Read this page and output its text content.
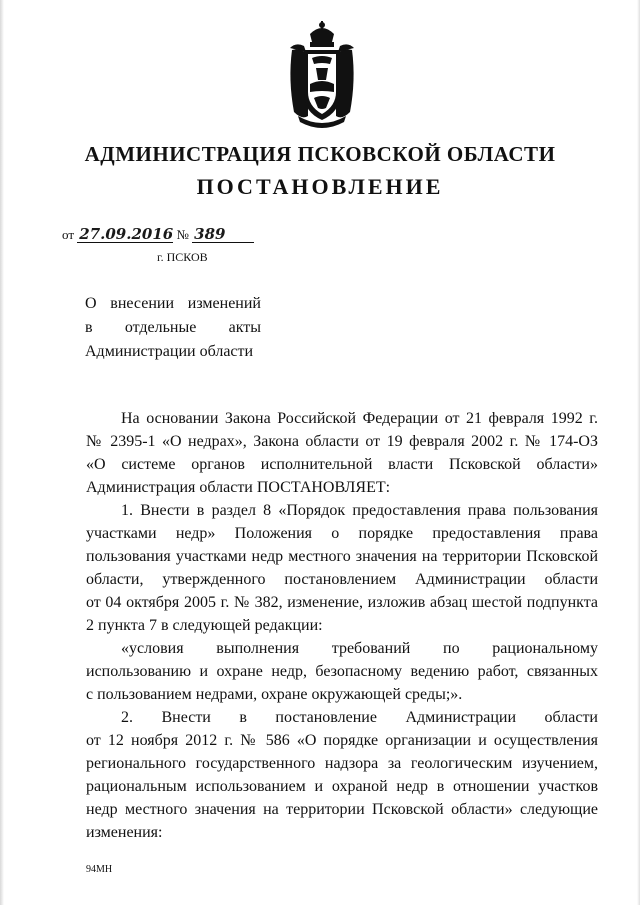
АДМИНИСТРАЦИЯ ПСКОВСКОЙ ОБЛАСТИ
ПОСТАНОВЛЕНИЕ
от 27.09.2016 № 389
г. ПСКОВ
О внесении изменений
в отдельные акты
Администрации области
На основании Закона Российской Федерации от 21 февраля 1992 г.
№ 2395-1 «О недрах», Закона области от 19 февраля 2002 г. № 174-ОЗ
«О системе органов исполнительной власти Псковской области»
Администрация области ПОСТАНОВЛЯЕТ:
1. Внести в раздел 8 «Порядок предоставления права пользования
участками недр» Положения о порядке предоставления права
пользования участками недр местного значения на территории Псковской
области, утвержденного постановлением Администрации области
от 04 октября 2005 г. № 382, изменение, изложив абзац шестой подпункта
2 пункта 7 в следующей редакции:
«условия выполнения требований по рациональному
использованию и охране недр, безопасному ведению работ, связанных
с пользованием недрами, охране окружающей среды;».
2. Внести в постановление Администрации области
от 12 ноября 2012 г. № 586 «О порядке организации и осуществления
регионального государственного надзора за геологическим изучением,
рациональным использованием и охраной недр в отношении участков
недр местного значения на территории Псковской области» следующие
изменения:
94МН
